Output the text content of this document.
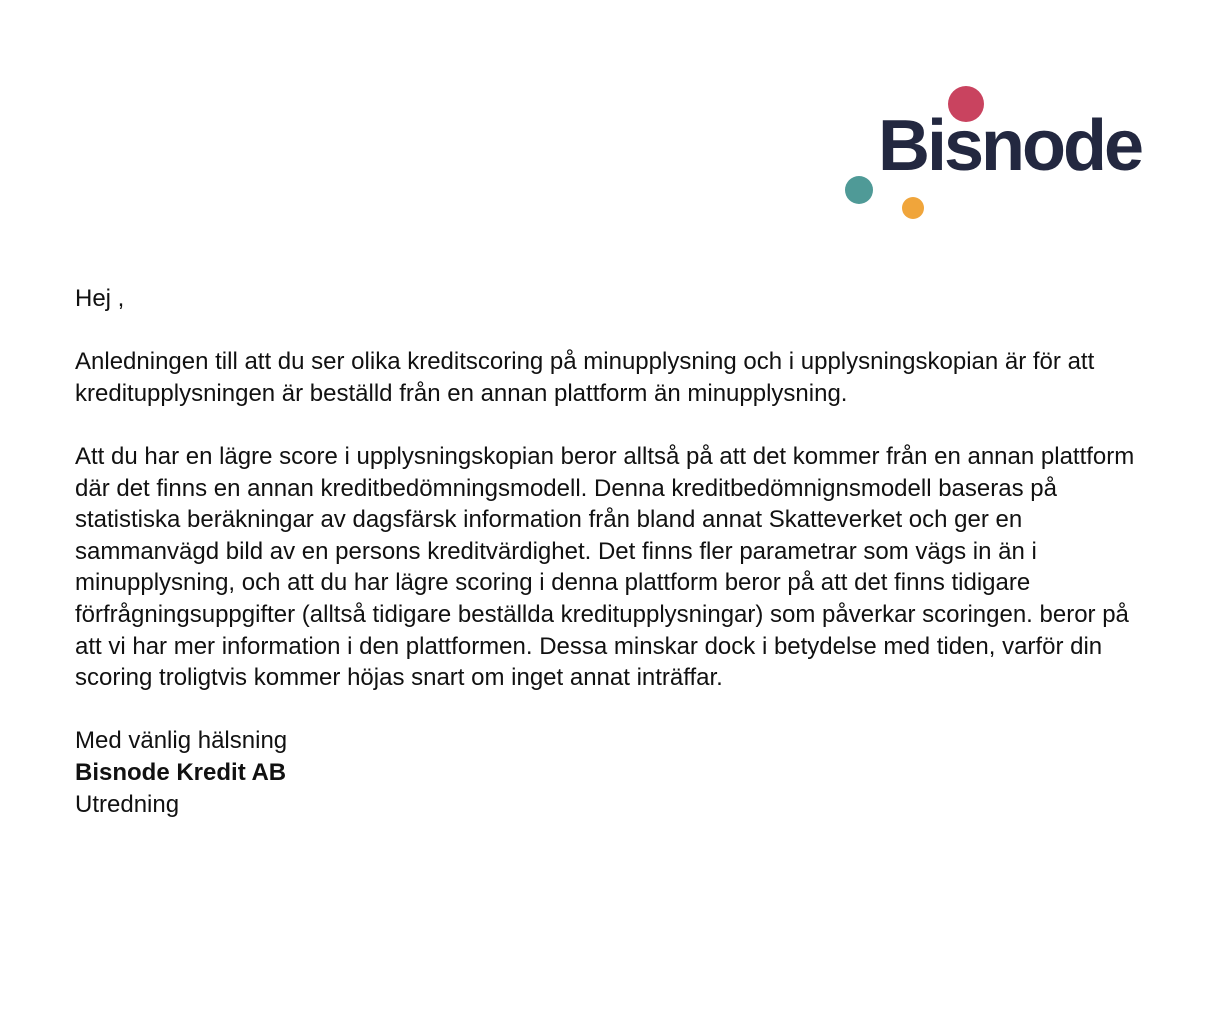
Bisnode

Hej ,

Anledningen till att du ser olika kreditscoring på minupplysning och i upplysningskopian är för att kreditupplysningen är beställd från en annan plattform än minupplysning.

Att du har en lägre score i upplysningskopian beror alltså på att det kommer från en annan plattform där det finns en annan kreditbedömningsmodell. Denna kreditbedömnignsmodell baseras på statistiska beräkningar av dagsfärsk information från bland annat Skatteverket och ger en sammanvägd bild av en persons kreditvärdighet. Det finns fler parametrar som vägs in än i minupplysning, och att du har lägre scoring i denna plattform beror på att det finns tidigare förfrågningsuppgifter (alltså tidigare beställda kreditupplysningar) som påverkar scoringen. beror på att vi har mer information i den plattformen. Dessa minskar dock i betydelse med tiden, varför din scoring troligtvis kommer höjas snart om inget annat inträffar.

Med vänlig hälsning

Bisnode Kredit AB

Utredning
